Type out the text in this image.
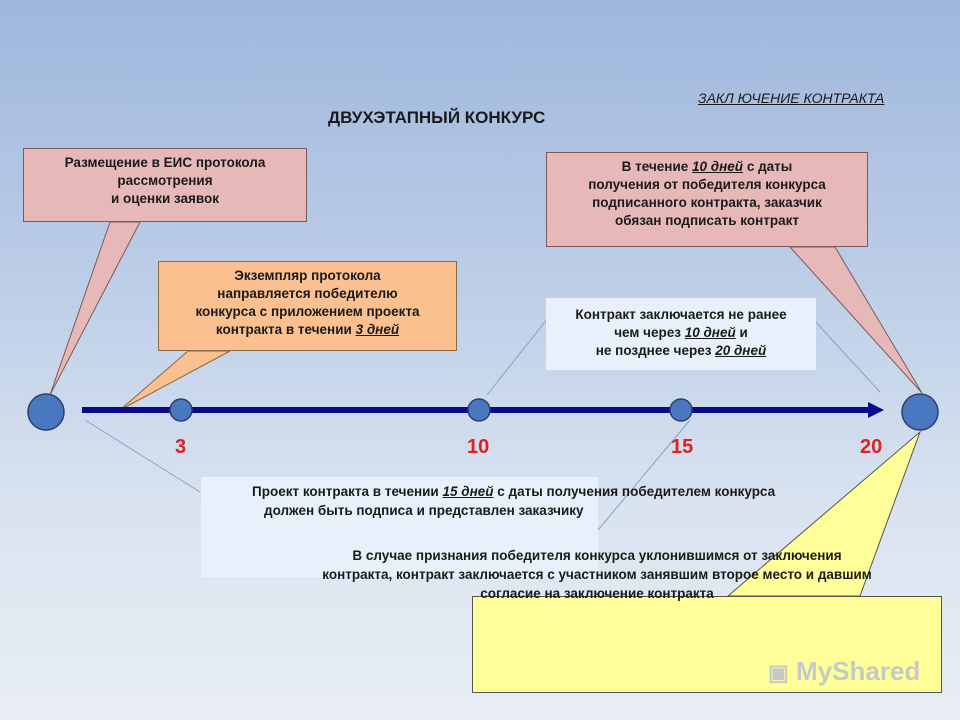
ДВУХЭТАПНЫЙ КОНКУРС
ЗАКЛ ЮЧЕНИЕ КОНТРАКТА
3	10	15	20
Размещение в ЕИС протокола
рассмотрения
и оценки заявок
Экземпляр протокола
направляется победителю
конкурса с приложением проекта
контракта в течении 3 дней
В течение 10 дней с даты
получения от победителя конкурса
подписанного контракта, заказчик
обязан подписать контракт
Контракт заключается не ранее
чем через 10 дней и
не позднее через 20 дней
Проект контракта в течении 15 дней с даты получения победителем конкурса
должен быть подписа и представлен заказчику
В случае признания победителя конкурса уклонившимся от заключения
контракта, контракт заключается с участником занявшим второе место и давшим
согласие на заключение контракта
▣ MyShared
